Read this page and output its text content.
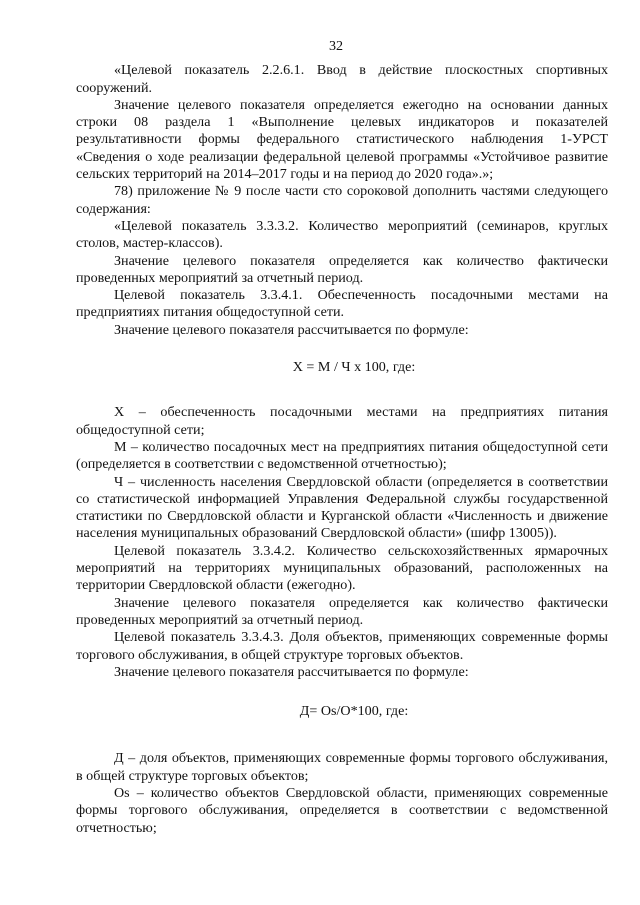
32

«Целевой показатель 2.2.6.1. Ввод в действие плоскостных спортивных сооружений.

Значение целевого показателя определяется ежегодно на основании данных строки 08 раздела 1 «Выполнение целевых индикаторов и показателей результативности формы федерального статистического наблюдения 1-УРСТ «Сведения о ходе реализации федеральной целевой программы «Устойчивое развитие сельских территорий на 2014–2017 годы и на период до 2020 года».»;

78) приложение № 9 после части сто сороковой дополнить частями следующего содержания:

«Целевой показатель 3.3.3.2. Количество мероприятий (семинаров, круглых столов, мастер-классов).

Значение целевого показателя определяется как количество фактически проведенных мероприятий за отчетный период.

Целевой показатель 3.3.4.1. Обеспеченность посадочными местами на предприятиях питания общедоступной сети.

Значение целевого показателя рассчитывается по формуле:

Х = М / Ч х 100, где:

Х – обеспеченность посадочными местами на предприятиях питания общедоступной сети;

М – количество посадочных мест на предприятиях питания общедоступной сети (определяется в соответствии с ведомственной отчетностью);

Ч – численность населения Свердловской области (определяется в соответствии со статистической информацией Управления Федеральной службы государственной статистики по Свердловской области и Курганской области «Численность и движение населения муниципальных образований Свердловской области» (шифр 13005)).

Целевой показатель 3.3.4.2. Количество сельскохозяйственных ярмарочных мероприятий на территориях муниципальных образований, расположенных на территории Свердловской области (ежегодно).

Значение целевого показателя определяется как количество фактически проведенных мероприятий за отчетный период.

Целевой показатель 3.3.4.3. Доля объектов, применяющих современные формы торгового обслуживания, в общей структуре торговых объектов.

Значение целевого показателя рассчитывается по формуле:

Д= Os/О*100, где:

Д – доля объектов, применяющих современные формы торгового обслуживания, в общей структуре торговых объектов;

Os – количество объектов Свердловской области, применяющих современные формы торгового обслуживания, определяется в соответствии с ведомственной отчетностью;
